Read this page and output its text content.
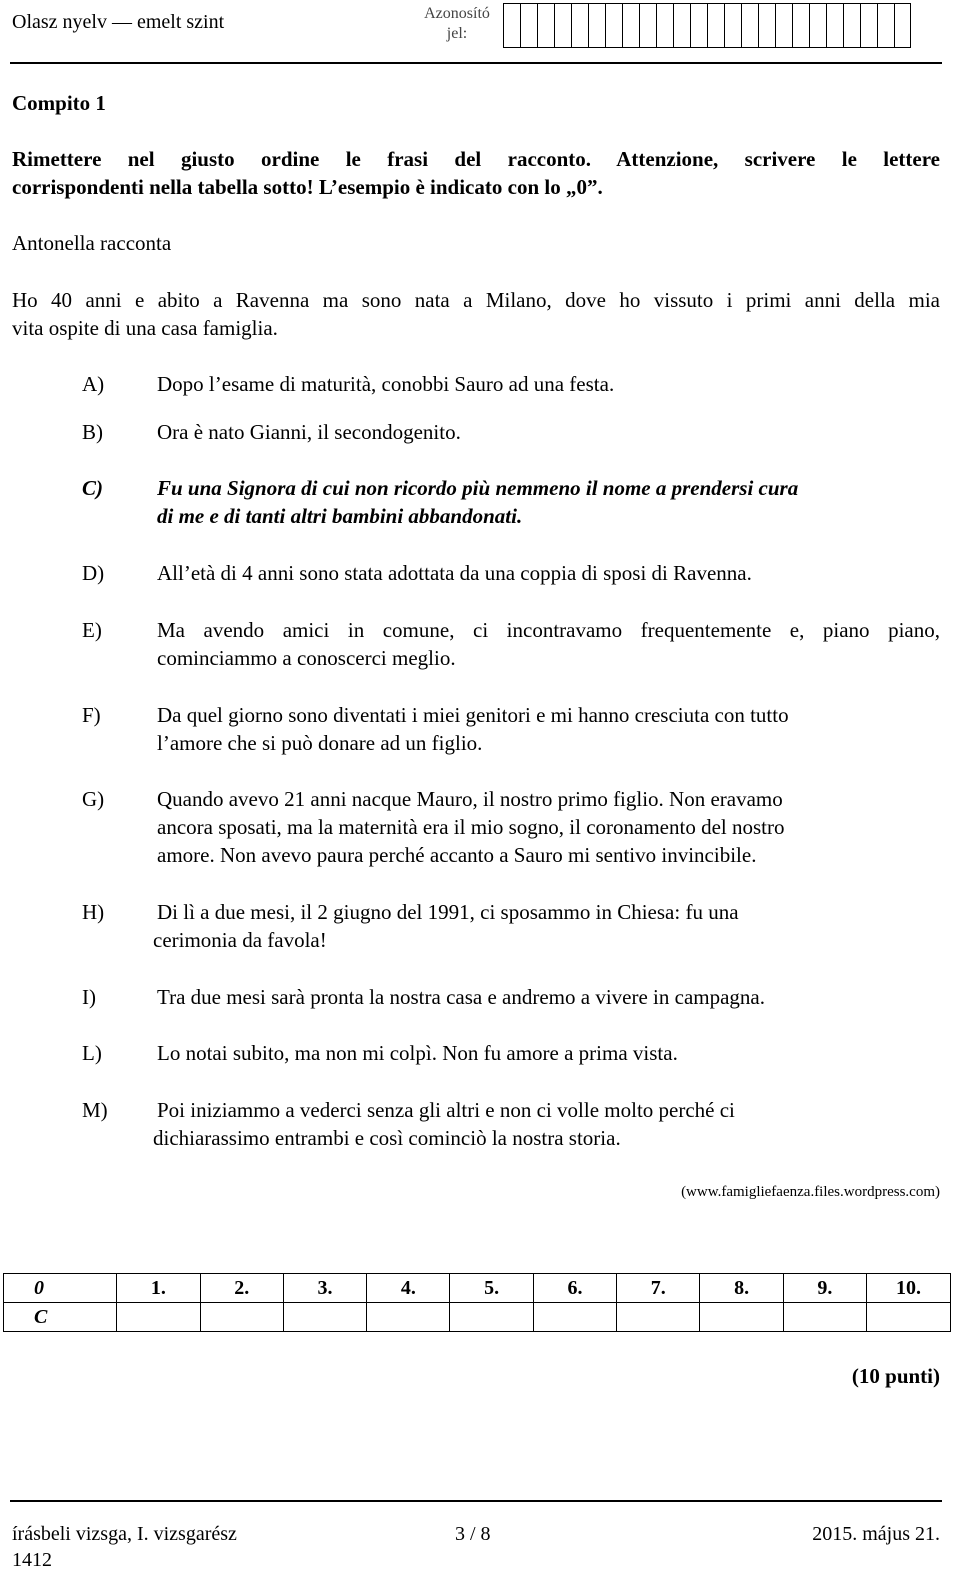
Olasz nyelv — emelt szint	Azonosító
jel:
Compito 1
Rimettere nel giusto ordine le frasi del racconto. Attenzione, scrivere le lettere
corrispondenti nella tabella sotto! L’esempio è indicato con lo „0”.
Antonella racconta
Ho 40 anni e abito a Ravenna ma sono nata a Milano, dove ho vissuto i primi anni della mia
vita ospite di una casa famiglia.
A)	Dopo l’esame di maturità, conobbi Sauro ad una festa.
B)	Ora è nato Gianni, il secondogenito.
C)	Fu una Signora di cui non ricordo più nemmeno il nome a prendersi cura
di me e di tanti altri bambini abbandonati.
D)	All’età di 4 anni sono stata adottata da una coppia di sposi di Ravenna.
E)	Ma avendo amici in comune, ci incontravamo frequentemente e, piano piano,
cominciammo a conoscerci meglio.
F)	Da quel giorno sono diventati i miei genitori e mi hanno cresciuta con tutto
l’amore che si può donare ad un figlio.
G)	Quando avevo 21 anni nacque Mauro, il nostro primo figlio. Non eravamo
ancora sposati, ma la maternità era il mio sogno, il coronamento del nostro
amore. Non avevo paura perché accanto a Sauro mi sentivo invincibile.
H)	Di lì a due mesi, il 2 giugno del 1991, ci sposammo in Chiesa: fu una
cerimonia da favola!
I)	Tra due mesi sarà pronta la nostra casa e andremo a vivere in campagna.
L)	Lo notai subito, ma non mi colpì. Non fu amore a prima vista.
M)	Poi iniziammo a vederci senza gli altri e non ci volle molto perché ci
dichiarassimo entrambi e così cominciò la nostra storia.
(www.famigliefaenza.files.wordpress.com)
0	1.	2.	3.	4.	5.	6.	7.	8.	9.	10.
C										
(10 punti)
írásbeli vizsga, I. vizsgarész
1412
3 / 8	2015. május 21.
